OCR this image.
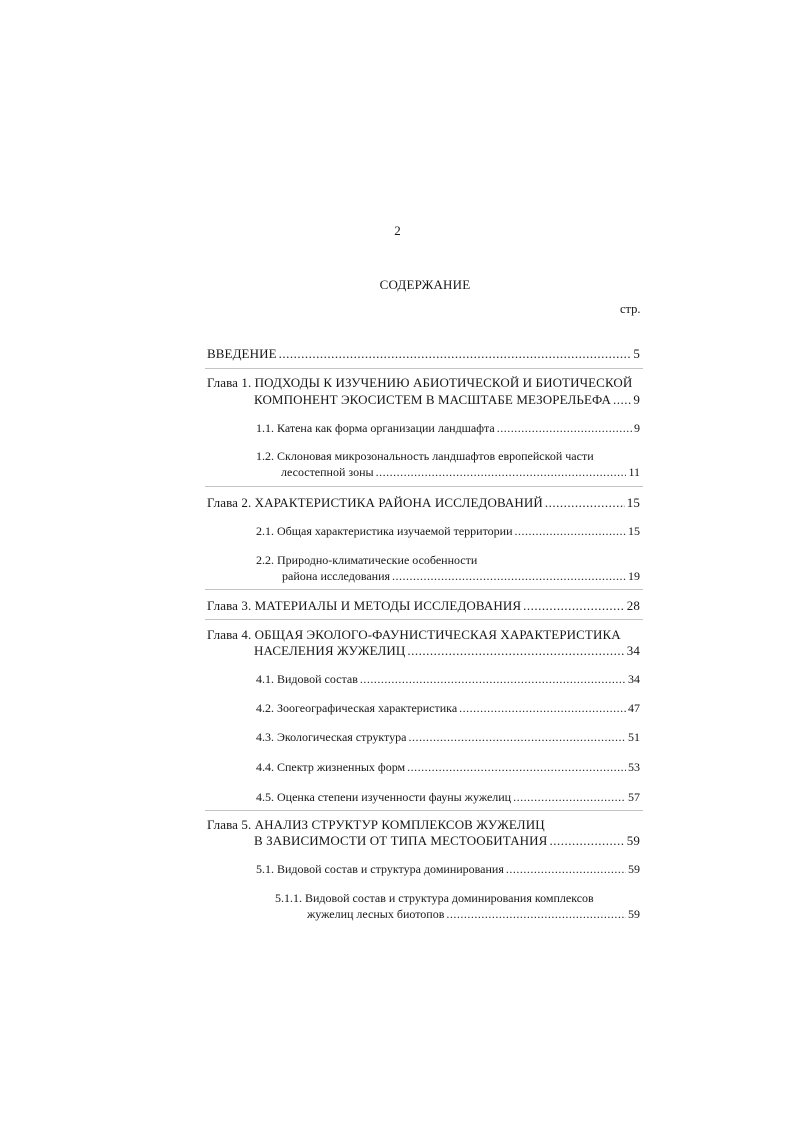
2
СОДЕРЖАНИЕ
стр.
ВВЕДЕНИЕ .....	5
Глава 1. ПОДХОДЫ К ИЗУЧЕНИЮ АБИОТИЧЕСКОЙ И БИОТИЧЕСКОЙ
КОМПОНЕНТ ЭКОСИСТЕМ В МАСШТАБЕ МЕЗОРЕЛЬЕФА ..... 9
1.1. Катена как форма организации ландшафта .....	9
1.2. Склоновая микрозональность ландшафтов европейской части
лесостепной зоны .....	11
Глава 2. ХАРАКТЕРИСТИКА РАЙОНА ИССЛЕДОВАНИЙ .....	15
2.1. Общая характеристика изучаемой территории .....	15
2.2. Природно-климатические особенности
района исследования .....	19
Глава 3. МАТЕРИАЛЫ И МЕТОДЫ ИССЛЕДОВАНИЯ .....	28
Глава 4. ОБЩАЯ ЭКОЛОГО-ФАУНИСТИЧЕСКАЯ ХАРАКТЕРИСТИКА
НАСЕЛЕНИЯ ЖУЖЕЛИЦ .....	34
4.1. Видовой состав .....	34
4.2. Зоогеографическая характеристика .....	47
4.3. Экологическая структура .....	51
4.4. Спектр жизненных форм .....	53
4.5. Оценка степени изученности фауны жужелиц .....	57
Глава 5. АНАЛИЗ СТРУКТУР КОМПЛЕКСОВ ЖУЖЕЛИЦ
В ЗАВИСИМОСТИ ОТ ТИПА МЕСТООБИТАНИЯ .....	59
5.1. Видовой состав и структура доминирования .....	59
5.1.1. Видовой состав и структура доминирования комплексов
жужелиц лесных биотопов .....	59
